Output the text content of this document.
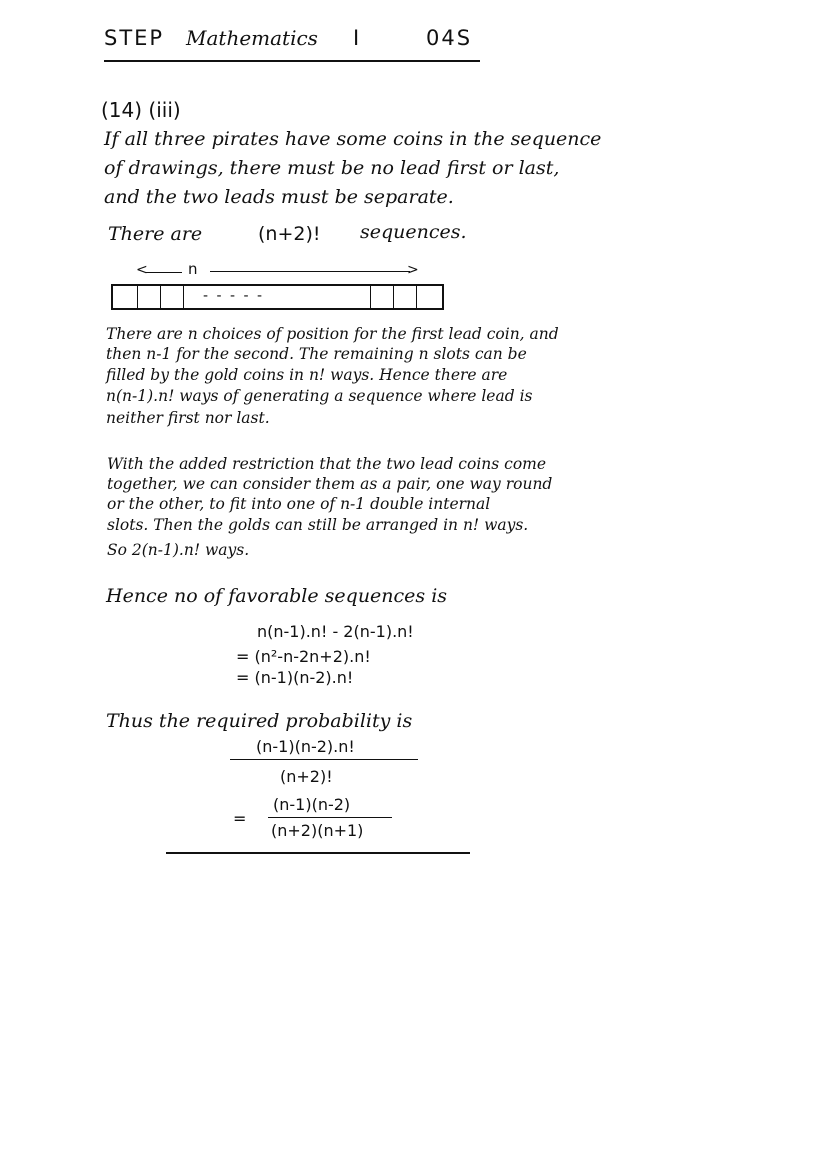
STEP Mathematics I	04S
(14) (iii)
If all three pirates have some coins in the sequence
of drawings, there must be no lead first or last,
and the two leads must be separate.
There are	(n+2)! sequences.
<	n	>
- - - - -
There are n choices of position for the first lead coin, and
then n-1 for the second. The remaining n slots can be
filled by the gold coins in n! ways. Hence there are
n(n-1).n! ways of generating a sequence where lead is
neither first nor last.
With the added restriction that the two lead coins come
together, we can consider them as a pair, one way round
or the other, to fit into one of n-1 double internal
slots. Then the golds can still be arranged in n! ways.
So 2(n-1).n! ways.
Hence no of favorable sequences is
n(n-1).n! - 2(n-1).n!
= (n²-n-2n+2).n!
= (n-1)(n-2).n!
Thus the required probability is
(n-1)(n-2).n!
(n+2)!
=
(n-1)(n-2)
(n+2)(n+1)
